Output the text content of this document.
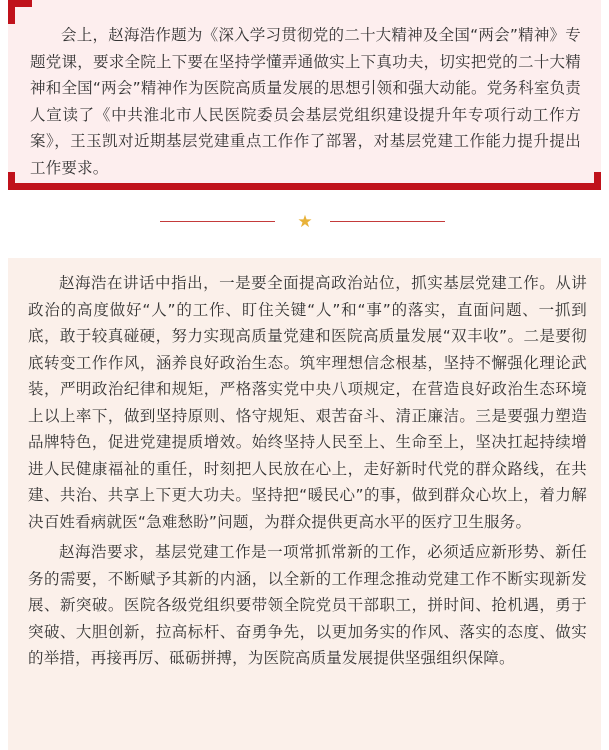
会上，赵海浩作题为《深入学习贯彻党的二十大精神及全国“两会”精神》专题党课，要求全院上下要在坚持学懂弄通做实上下真功夫，切实把党的二十大精神和全国“两会”精神作为医院高质量发展的思想引领和强大动能。党务科室负责人宣读了《中共淮北市人民医院委员会基层党组织建设提升年专项行动工作方案》，王玉凯对近期基层党建重点工作作了部署，对基层党建工作能力提升提出工作要求。

★

赵海浩在讲话中指出，一是要全面提高政治站位，抓实基层党建工作。从讲政治的高度做好“人”的工作、盯住关键“人”和“事”的落实，直面问题、一抓到底，敢于较真碰硬，努力实现高质量党建和医院高质量发展“双丰收”。二是要彻底转变工作作风，涵养良好政治生态。筑牢理想信念根基，坚持不懈强化理论武装，严明政治纪律和规矩，严格落实党中央八项规定，在营造良好政治生态环境上以上率下，做到坚持原则、恪守规矩、艰苦奋斗、清正廉洁。三是要强力塑造品牌特色，促进党建提质增效。始终坚持人民至上、生命至上，坚决扛起持续增进人民健康福祉的重任，时刻把人民放在心上，走好新时代党的群众路线，在共建、共治、共享上下更大功夫。坚持把“暖民心”的事，做到群众心坎上，着力解决百姓看病就医“急难愁盼”问题，为群众提供更高水平的医疗卫生服务。

赵海浩要求，基层党建工作是一项常抓常新的工作，必须适应新形势、新任务的需要，不断赋予其新的内涵，以全新的工作理念推动党建工作不断实现新发展、新突破。医院各级党组织要带领全院党员干部职工，拼时间、抢机遇，勇于突破、大胆创新，拉高标杆、奋勇争先，以更加务实的作风、落实的态度、做实的举措，再接再厉、砥砺拼搏，为医院高质量发展提供坚强组织保障。
